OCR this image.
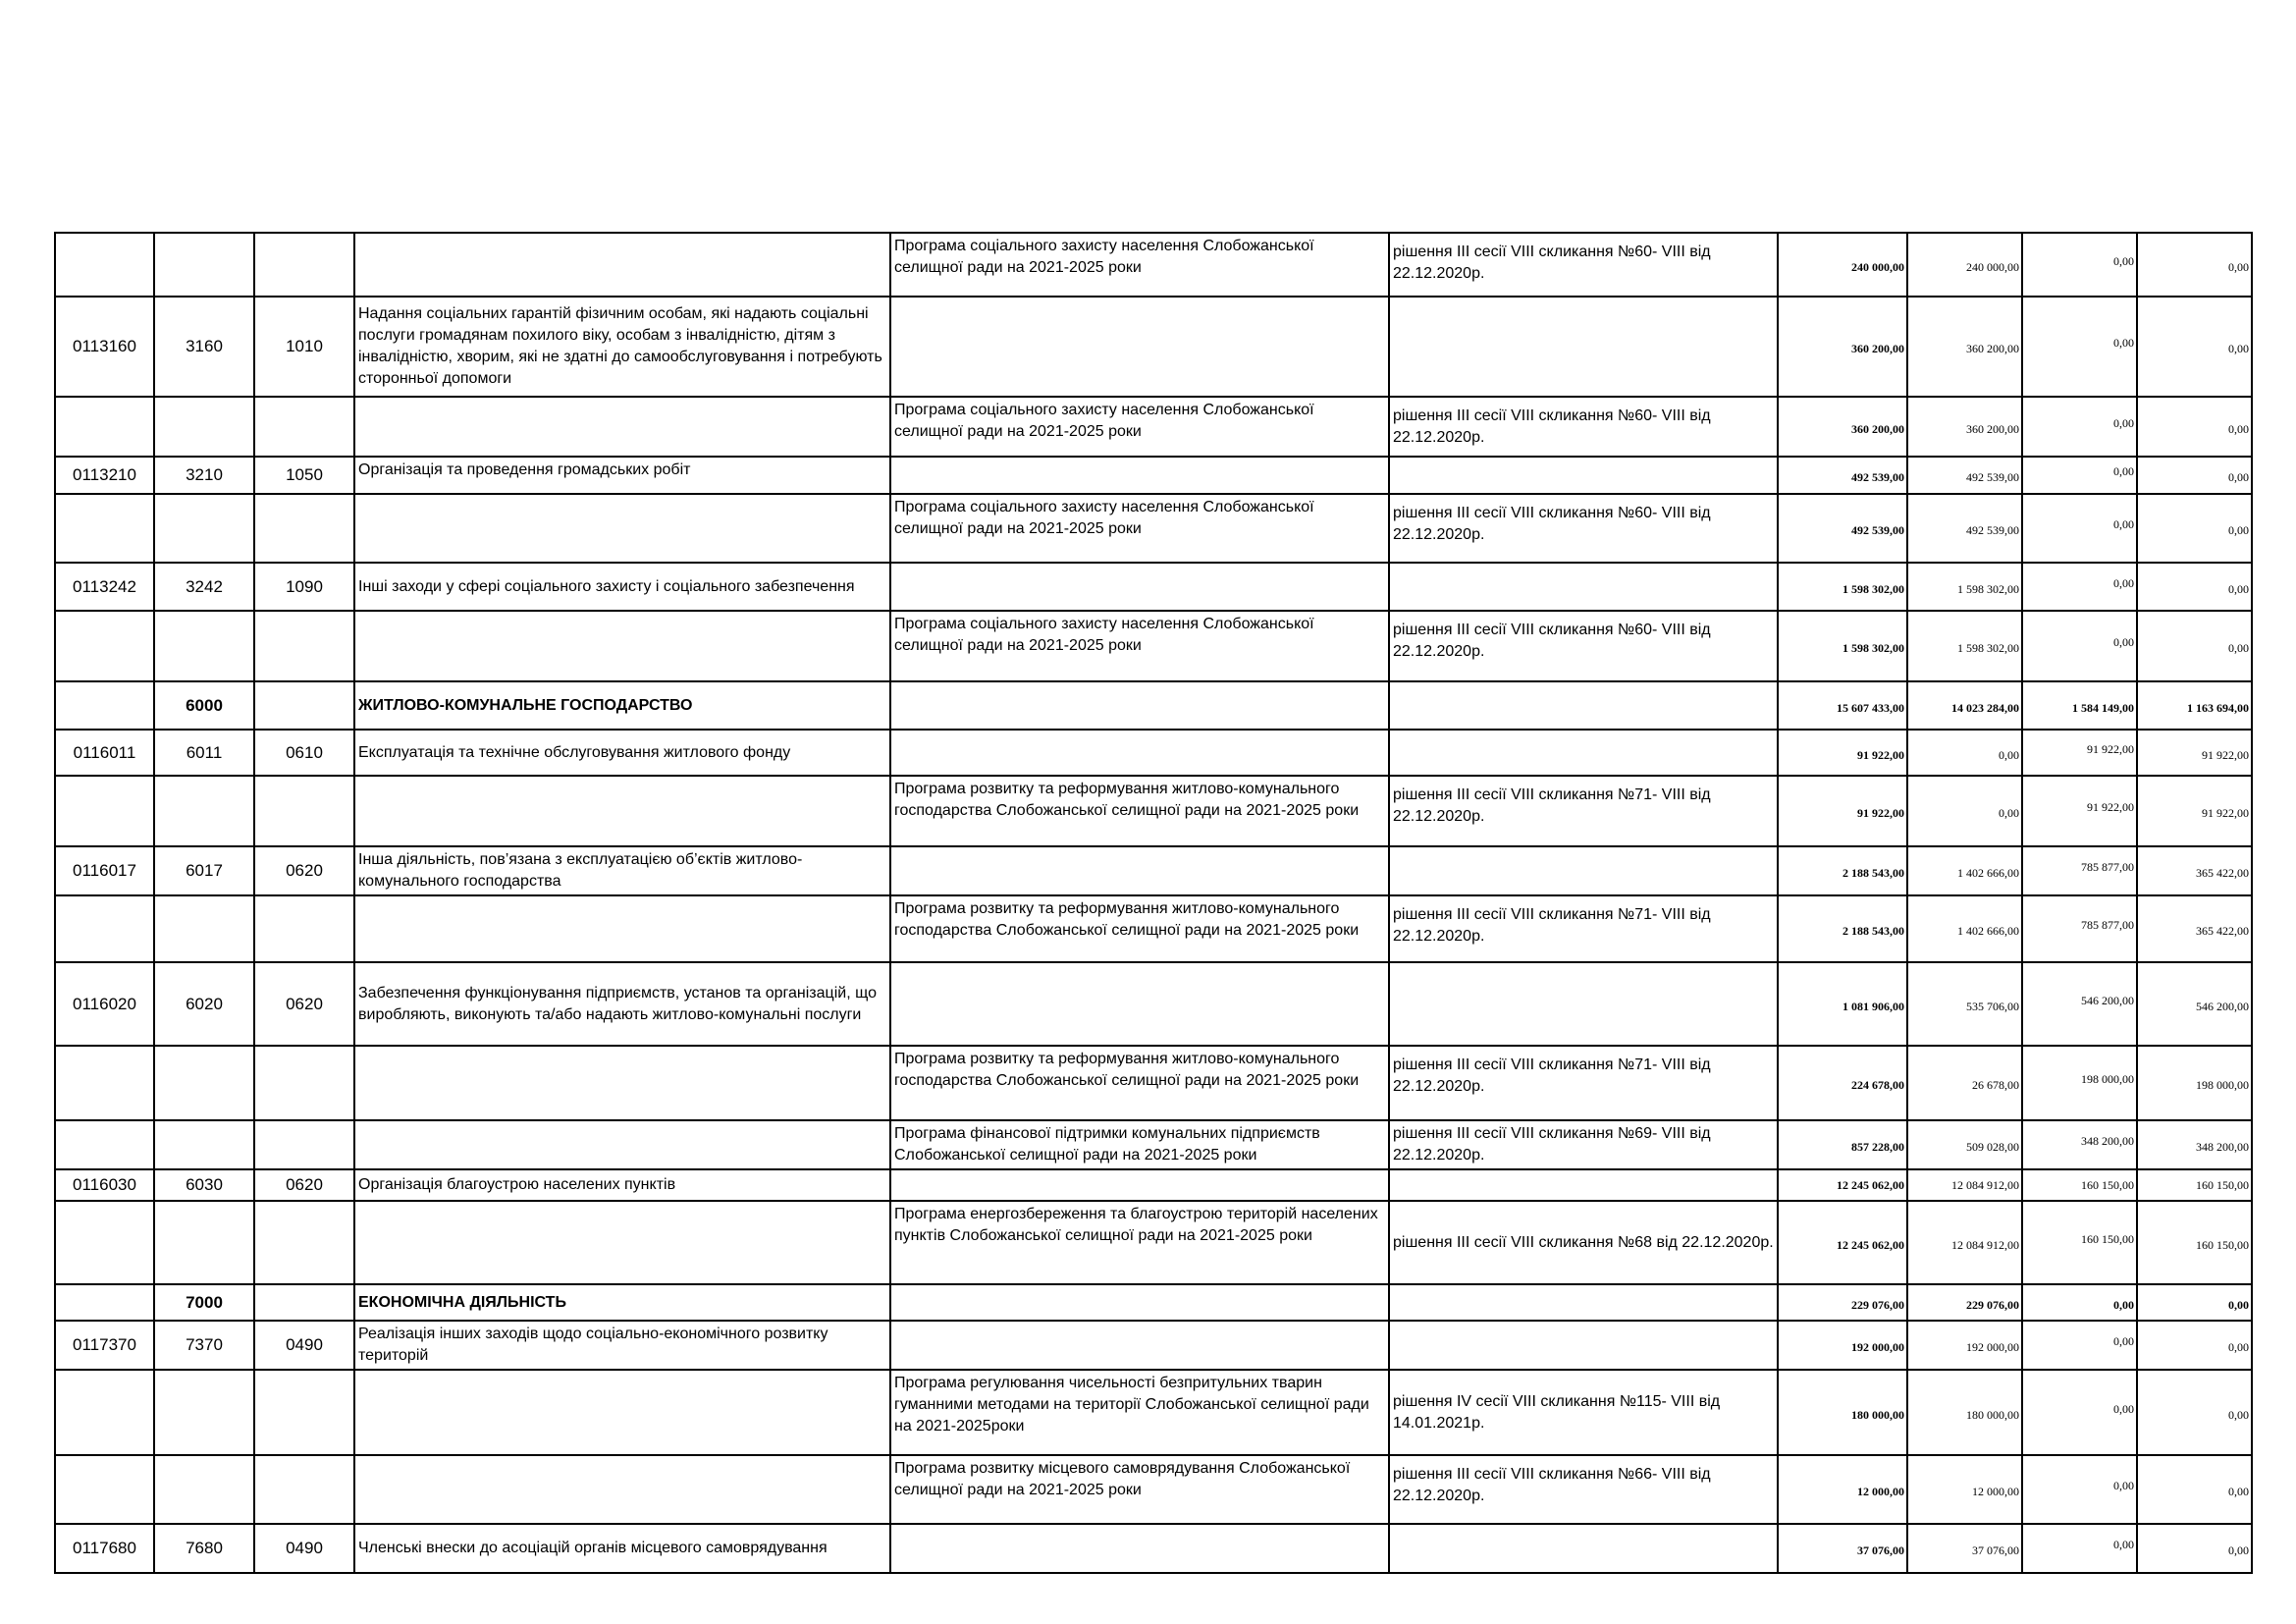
				Програма соціального захисту населення Слобожанської селищної ради на 2021-2025 роки	рішення ІІІ сесії VІІІ скликання №60- VІІІ від 22.12.2020р.	240 000,00	240 000,00	0,00	0,00
0113160	3160	1010	Надання соціальних гарантій фізичним особам, які надають соціальні послуги громадянам похилого віку, особам з інвалідністю, дітям з інвалідністю, хворим, які не здатні до самообслуговування і потребують сторонньої допомоги			360 200,00	360 200,00	0,00	0,00
				Програма соціального захисту населення Слобожанської селищної ради на 2021-2025 роки	рішення ІІІ сесії VІІІ скликання №60- VІІІ від 22.12.2020р.	360 200,00	360 200,00	0,00	0,00
0113210	3210	1050	Організація та проведення громадських робіт			492 539,00	492 539,00	0,00	0,00
				Програма соціального захисту населення Слобожанської селищної ради на 2021-2025 роки	рішення ІІІ сесії VІІІ скликання №60- VІІІ від 22.12.2020р.	492 539,00	492 539,00	0,00	0,00
0113242	3242	1090	Інші заходи у сфері соціального захисту і соціального забезпечення			1 598 302,00	1 598 302,00	0,00	0,00
				Програма соціального захисту населення Слобожанської селищної ради на 2021-2025 роки	рішення ІІІ сесії VІІІ скликання №60- VІІІ від 22.12.2020р.	1 598 302,00	1 598 302,00	0,00	0,00
	6000		ЖИТЛОВО-КОМУНАЛЬНЕ ГОСПОДАРСТВО			15 607 433,00	14 023 284,00	1 584 149,00	1 163 694,00
0116011	6011	0610	Експлуатація та технічне обслуговування житлового фонду			91 922,00	0,00	91 922,00	91 922,00
				Програма розвитку та реформування житлово-комунального господарства Слобожанської селищної ради на 2021-2025 роки	рішення ІІІ сесії VІІІ скликання №71- VІІІ від 22.12.2020р.	91 922,00	0,00	91 922,00	91 922,00
0116017	6017	0620	Інша діяльність, пов’язана з експлуатацією об’єктів житлово-комунального господарства			2 188 543,00	1 402 666,00	785 877,00	365 422,00
				Програма розвитку та реформування житлово-комунального господарства Слобожанської селищної ради на 2021-2025 роки	рішення ІІІ сесії VІІІ скликання №71- VІІІ від 22.12.2020р.	2 188 543,00	1 402 666,00	785 877,00	365 422,00
0116020	6020	0620	Забезпечення функціонування підприємств, установ та організацій, що виробляють, виконують та/або надають житлово-комунальні послуги			1 081 906,00	535 706,00	546 200,00	546 200,00
				Програма розвитку та реформування житлово-комунального господарства Слобожанської селищної ради на 2021-2025 роки	рішення ІІІ сесії VІІІ скликання №71- VІІІ від 22.12.2020р.	224 678,00	26 678,00	198 000,00	198 000,00
				Програма фінансової підтримки комунальних підприємств Слобожанської селищної ради на 2021-2025 роки	рішення ІІІ сесії VІІІ скликання №69- VІІІ від 22.12.2020р.	857 228,00	509 028,00	348 200,00	348 200,00
0116030	6030	0620	Організація благоустрою населених пунктів			12 245 062,00	12 084 912,00	160 150,00	160 150,00
				Програма енергозбереження та благоустрою територій населених пунктів Слобожанської селищної ради на 2021-2025 роки	рішення ІІІ сесії VІІІ скликання №68 від 22.12.2020р.	12 245 062,00	12 084 912,00	160 150,00	160 150,00
	7000		ЕКОНОМІЧНА ДІЯЛЬНІСТЬ			229 076,00	229 076,00	0,00	0,00
0117370	7370	0490	Реалізація інших заходів щодо соціально-економічного розвитку територій			192 000,00	192 000,00	0,00	0,00
				Програма регулювання чисельності безпритульних тварин гуманними методами на території Слобожанської селищної ради на 2021-2025роки	рішення IV сесії VІІІ скликання №115- VІІІ від 14.01.2021р.	180 000,00	180 000,00	0,00	0,00
				Програма розвитку місцевого самоврядування Слобожанської селищної ради на 2021-2025 роки	рішення ІІІ сесії VІІІ скликання №66- VІІІ від 22.12.2020р.	12 000,00	12 000,00	0,00	0,00
0117680	7680	0490	Членські внески до асоціацій органів місцевого самоврядування			37 076,00	37 076,00	0,00	0,00
